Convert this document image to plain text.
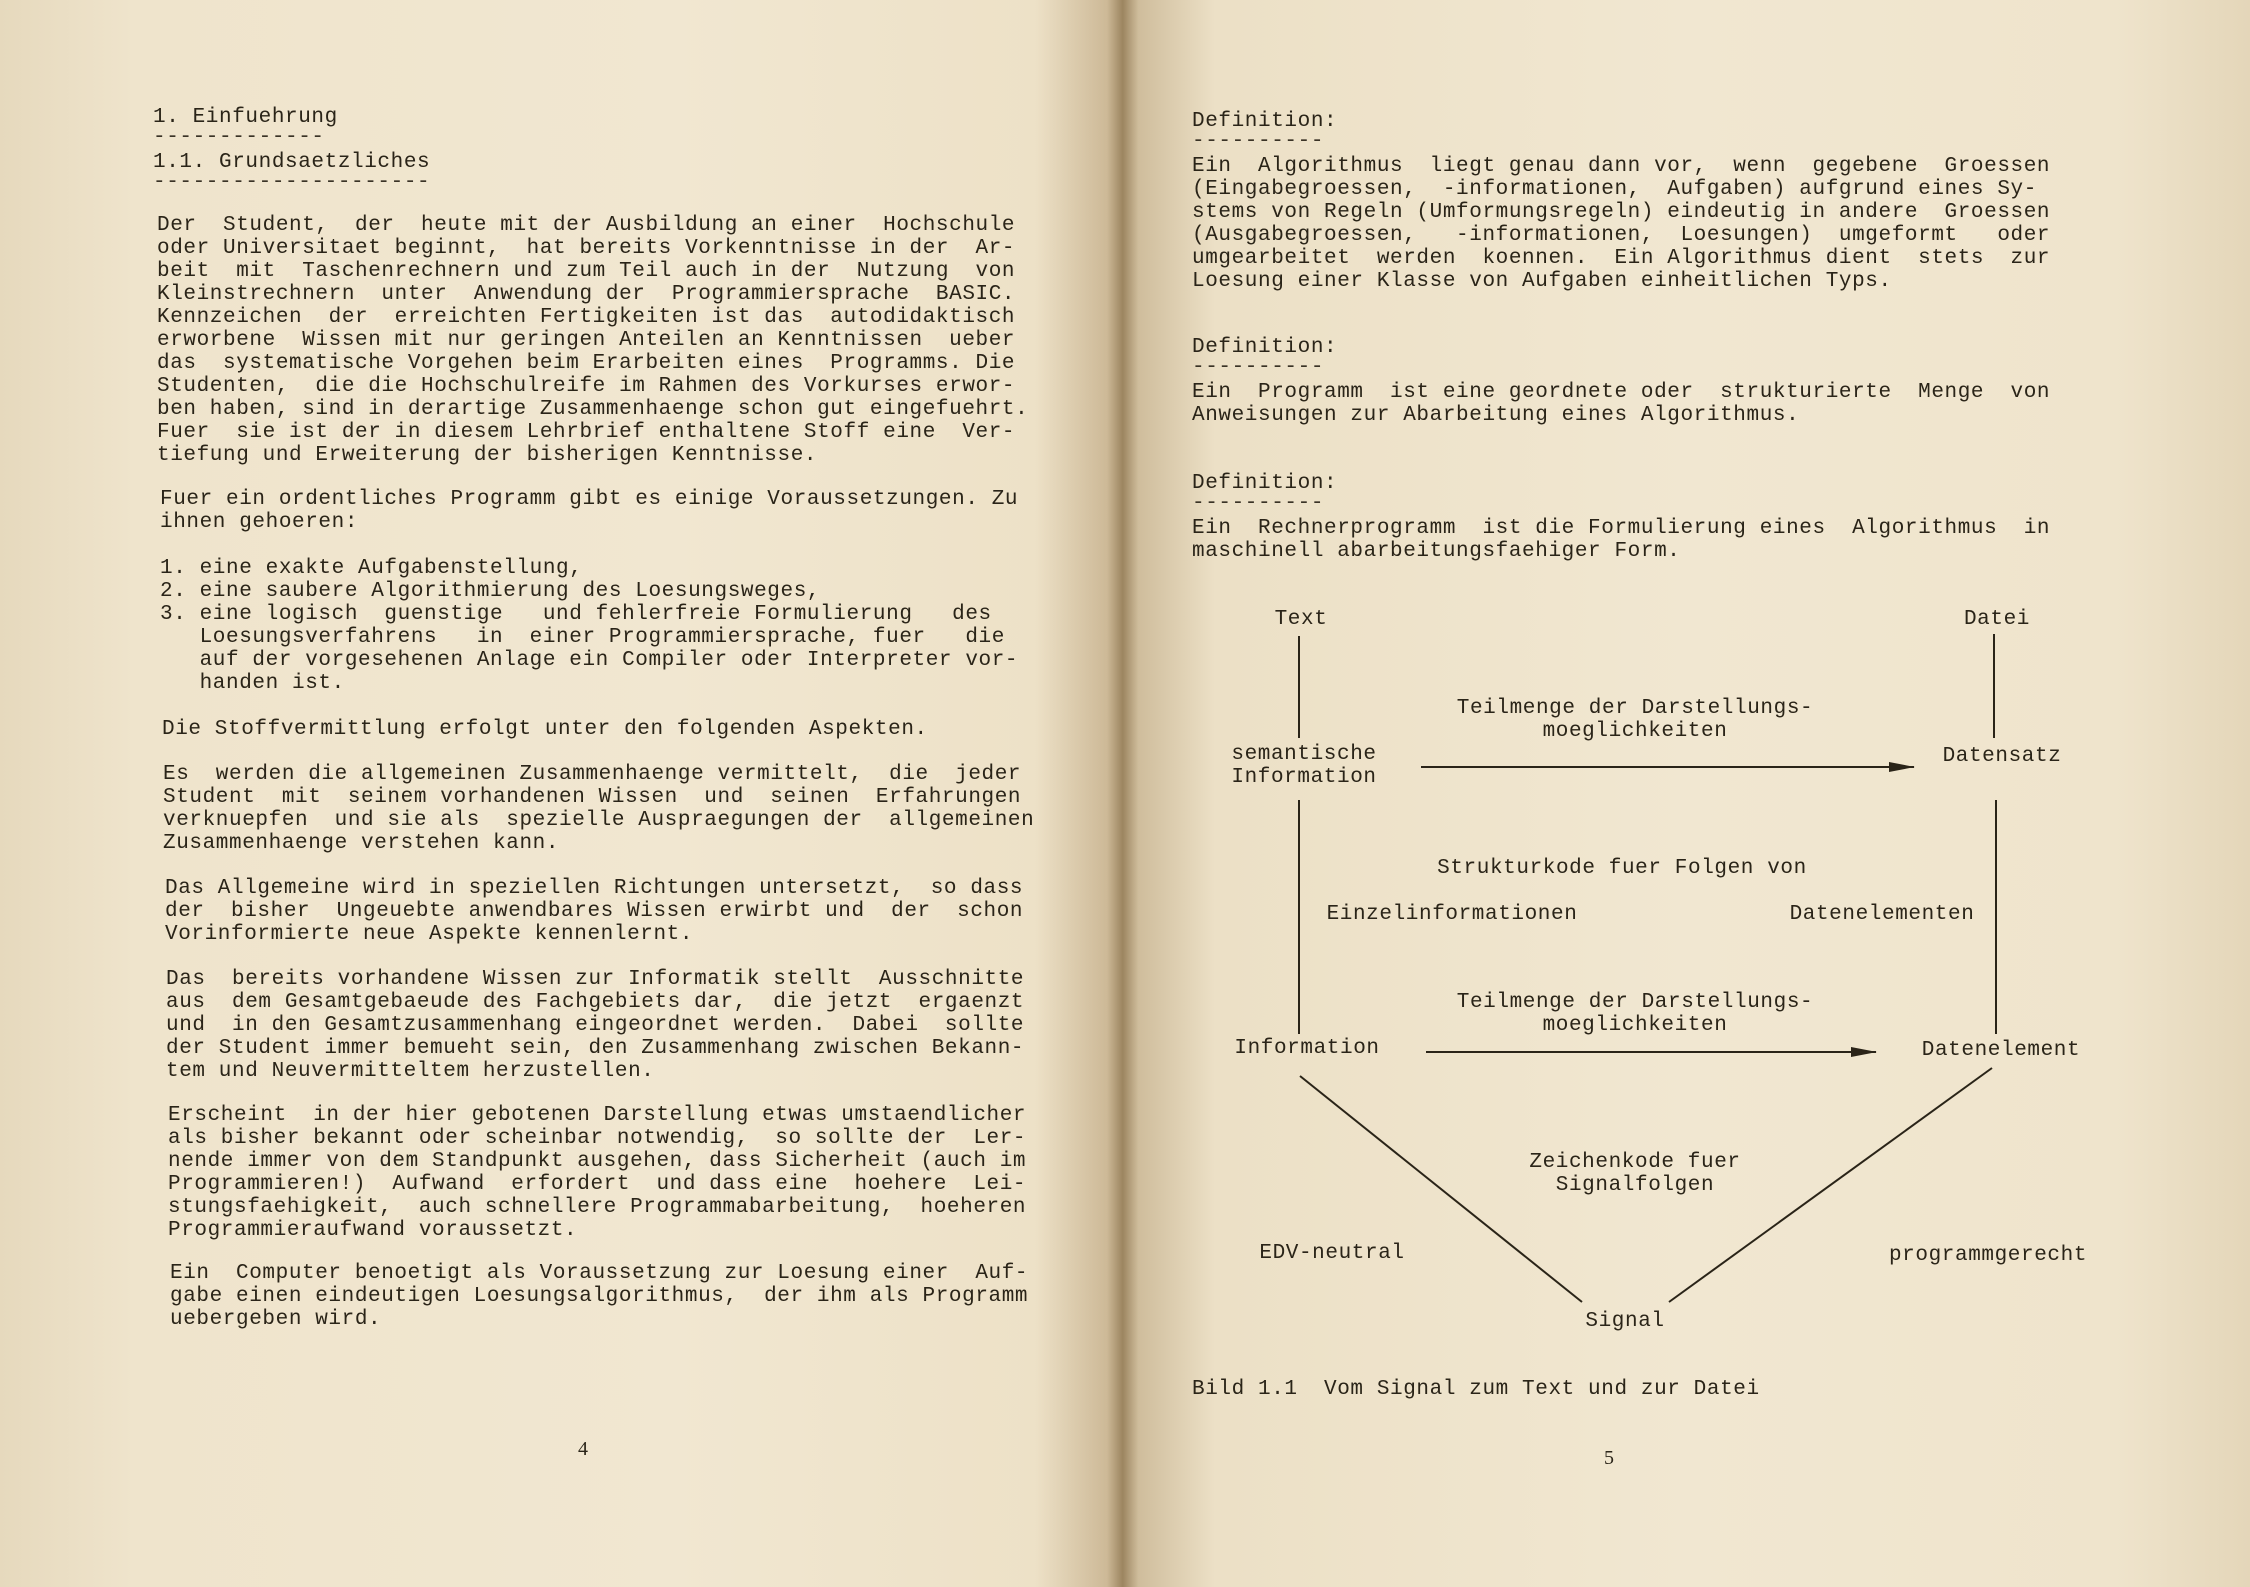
1. Einfuehrung

-------------

1.1. Grundsaetzliches

---------------------

Der  Student,  der  heute mit der Ausbildung an einer  Hochschule
oder Universitaet beginnt,  hat bereits Vorkenntnisse in der  Ar-
beit  mit  Taschenrechnern und zum Teil auch in der  Nutzung  von
Kleinstrechnern  unter  Anwendung der  Programmiersprache  BASIC.
Kennzeichen  der  erreichten Fertigkeiten ist das  autodidaktisch
erworbene  Wissen mit nur geringen Anteilen an Kenntnissen  ueber
das  systematische Vorgehen beim Erarbeiten eines  Programms. Die
Studenten,  die die Hochschulreife im Rahmen des Vorkurses erwor-
ben haben, sind in derartige Zusammenhaenge schon gut eingefuehrt.
Fuer  sie ist der in diesem Lehrbrief enthaltene Stoff eine  Ver-
tiefung und Erweiterung der bisherigen Kenntnisse.

Fuer ein ordentliches Programm gibt es einige Voraussetzungen. Zu
ihnen gehoeren:

1. eine exakte Aufgabenstellung,
2. eine saubere Algorithmierung des Loesungsweges,
3. eine logisch  guenstige   und fehlerfreie Formulierung   des
Loesungsverfahrens   in  einer Programmiersprache, fuer   die
auf der vorgesehenen Anlage ein Compiler oder Interpreter vor-
handen ist.

Die Stoffvermittlung erfolgt unter den folgenden Aspekten.

Es  werden die allgemeinen Zusammenhaenge vermittelt,  die  jeder
Student  mit  seinem vorhandenen Wissen  und  seinen  Erfahrungen
verknuepfen  und sie als  spezielle Auspraegungen der  allgemeinen
Zusammenhaenge verstehen kann.

Das Allgemeine wird in speziellen Richtungen untersetzt,  so dass
der  bisher  Ungeuebte anwendbares Wissen erwirbt und  der  schon
Vorinformierte neue Aspekte kennenlernt.

Das  bereits vorhandene Wissen zur Informatik stellt  Ausschnitte
aus  dem Gesamtgebaeude des Fachgebiets dar,  die jetzt  ergaenzt
und  in den Gesamtzusammenhang eingeordnet werden.  Dabei  sollte
der Student immer bemueht sein, den Zusammenhang zwischen Bekann-
tem und Neuvermitteltem herzustellen.

Erscheint  in der hier gebotenen Darstellung etwas umstaendlicher
als bisher bekannt oder scheinbar notwendig,  so sollte der  Ler-
nende immer von dem Standpunkt ausgehen, dass Sicherheit (auch im
Programmieren!)  Aufwand  erfordert  und dass eine  hoehere  Lei-
stungsfaehigkeit,  auch schnellere Programmabarbeitung,  hoeheren
Programmieraufwand voraussetzt.

Ein  Computer benoetigt als Voraussetzung zur Loesung einer  Auf-
gabe einen eindeutigen Loesungsalgorithmus,  der ihm als Programm
uebergeben wird.

4

Definition:

----------

Ein  Algorithmus  liegt genau dann vor,  wenn  gegebene  Groessen
(Eingabegroessen,  -informationen,  Aufgaben) aufgrund eines Sy-
stems von Regeln (Umformungsregeln) eindeutig in andere  Groessen
(Ausgabegroessen,   -informationen,  Loesungen)  umgeformt   oder
umgearbeitet  werden  koennen.  Ein Algorithmus dient  stets  zur
Loesung einer Klasse von Aufgaben einheitlichen Typs.

Definition:

----------

Ein  Programm  ist eine geordnete oder  strukturierte  Menge  von
Anweisungen zur Abarbeitung eines Algorithmus.

Definition:

----------

Ein  Rechnerprogramm  ist die Formulierung eines  Algorithmus  in
maschinell abarbeitungsfaehiger Form.

Text	Datei
Teilmenge der Darstellungs-
moeglichkeiten
semantische
Information
Datensatz
Strukturkode fuer Folgen von
Einzelinformationen	Datenelementen
Teilmenge der Darstellungs-
moeglichkeiten
Information	Datenelement
Zeichenkode fuer
Signalfolgen
EDV-neutral	programmgerecht
Signal

Bild 1.1  Vom Signal zum Text und zur Datei

5
